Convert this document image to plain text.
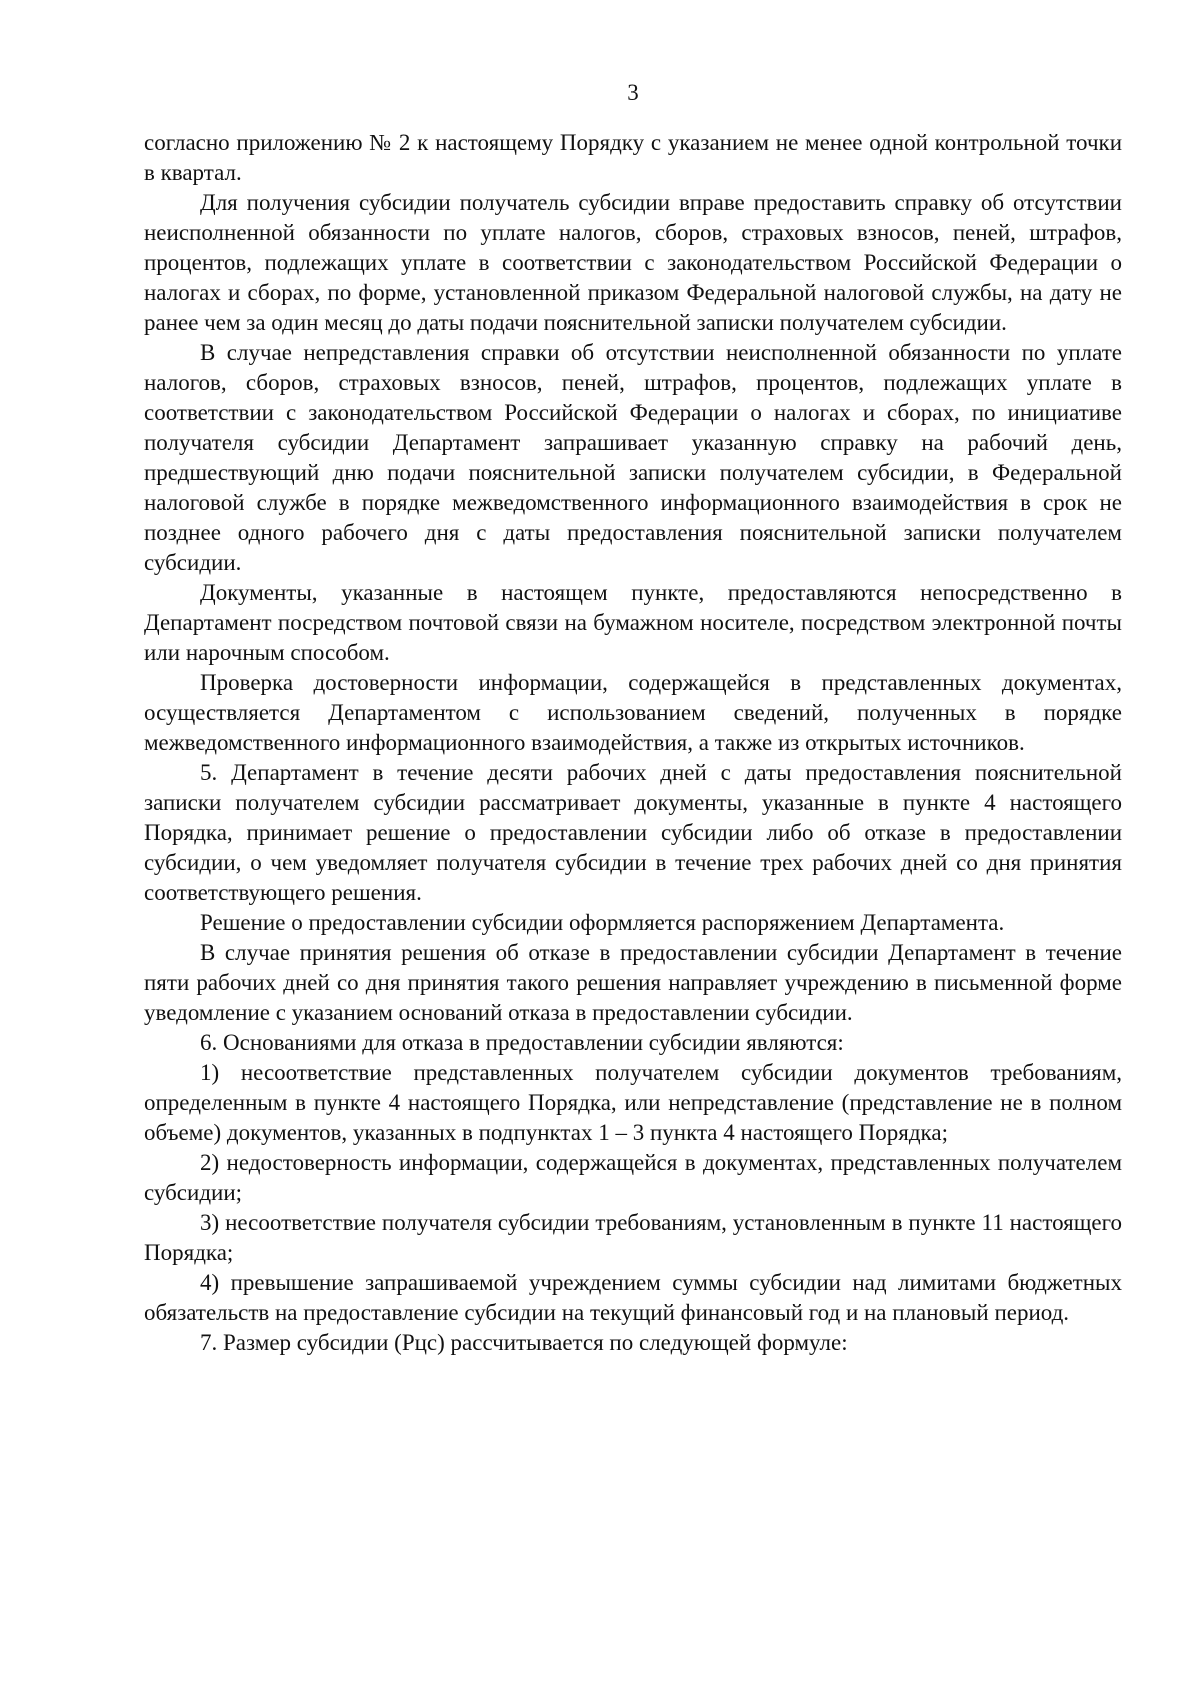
3

согласно приложению № 2 к настоящему Порядку с указанием не менее одной контрольной точки в квартал.

Для получения субсидии получатель субсидии вправе предоставить справку об отсутствии неисполненной обязанности по уплате налогов, сборов, страховых взносов, пеней, штрафов, процентов, подлежащих уплате в соответствии с законодательством Российской Федерации о налогах и сборах, по форме, установленной приказом Федеральной налоговой службы, на дату не ранее чем за один месяц до даты подачи пояснительной записки получателем субсидии.

В случае непредставления справки об отсутствии неисполненной обязанности по уплате налогов, сборов, страховых взносов, пеней, штрафов, процентов, подлежащих уплате в соответствии с законодательством Российской Федерации о налогах и сборах, по инициативе получателя субсидии Департамент запрашивает указанную справку на рабочий день, предшествующий дню подачи пояснительной записки получателем субсидии, в Федеральной налоговой службе в порядке межведомственного информационного взаимодействия в срок не позднее одного рабочего дня с даты предоставления пояснительной записки получателем субсидии.

Документы, указанные в настоящем пункте, предоставляются непосредственно в Департамент посредством почтовой связи на бумажном носителе, посредством электронной почты или нарочным способом.

Проверка достоверности информации, содержащейся в представленных документах, осуществляется Департаментом с использованием сведений, полученных в порядке межведомственного информационного взаимодействия, а также из открытых источников.

5. Департамент в течение десяти рабочих дней с даты предоставления пояснительной записки получателем субсидии рассматривает документы, указанные в пункте 4 настоящего Порядка, принимает решение о предоставлении субсидии либо об отказе в предоставлении субсидии, о чем уведомляет получателя субсидии в течение трех рабочих дней со дня принятия соответствующего решения.

Решение о предоставлении субсидии оформляется распоряжением Департамента.

В случае принятия решения об отказе в предоставлении субсидии Департамент в течение пяти рабочих дней со дня принятия такого решения направляет учреждению в письменной форме уведомление с указанием оснований отказа в предоставлении субсидии.

6. Основаниями для отказа в предоставлении субсидии являются:

1) несоответствие представленных получателем субсидии документов требованиям, определенным в пункте 4 настоящего Порядка, или непредставление (представление не в полном объеме) документов, указанных в подпунктах 1 – 3 пункта 4 настоящего Порядка;

2) недостоверность информации, содержащейся в документах, представленных получателем субсидии;

3) несоответствие получателя субсидии требованиям, установленным в пункте 11 настоящего Порядка;

4) превышение запрашиваемой учреждением суммы субсидии над лимитами бюджетных обязательств на предоставление субсидии на текущий финансовый год и на плановый период.

7. Размер субсидии (Рцс) рассчитывается по следующей формуле:
